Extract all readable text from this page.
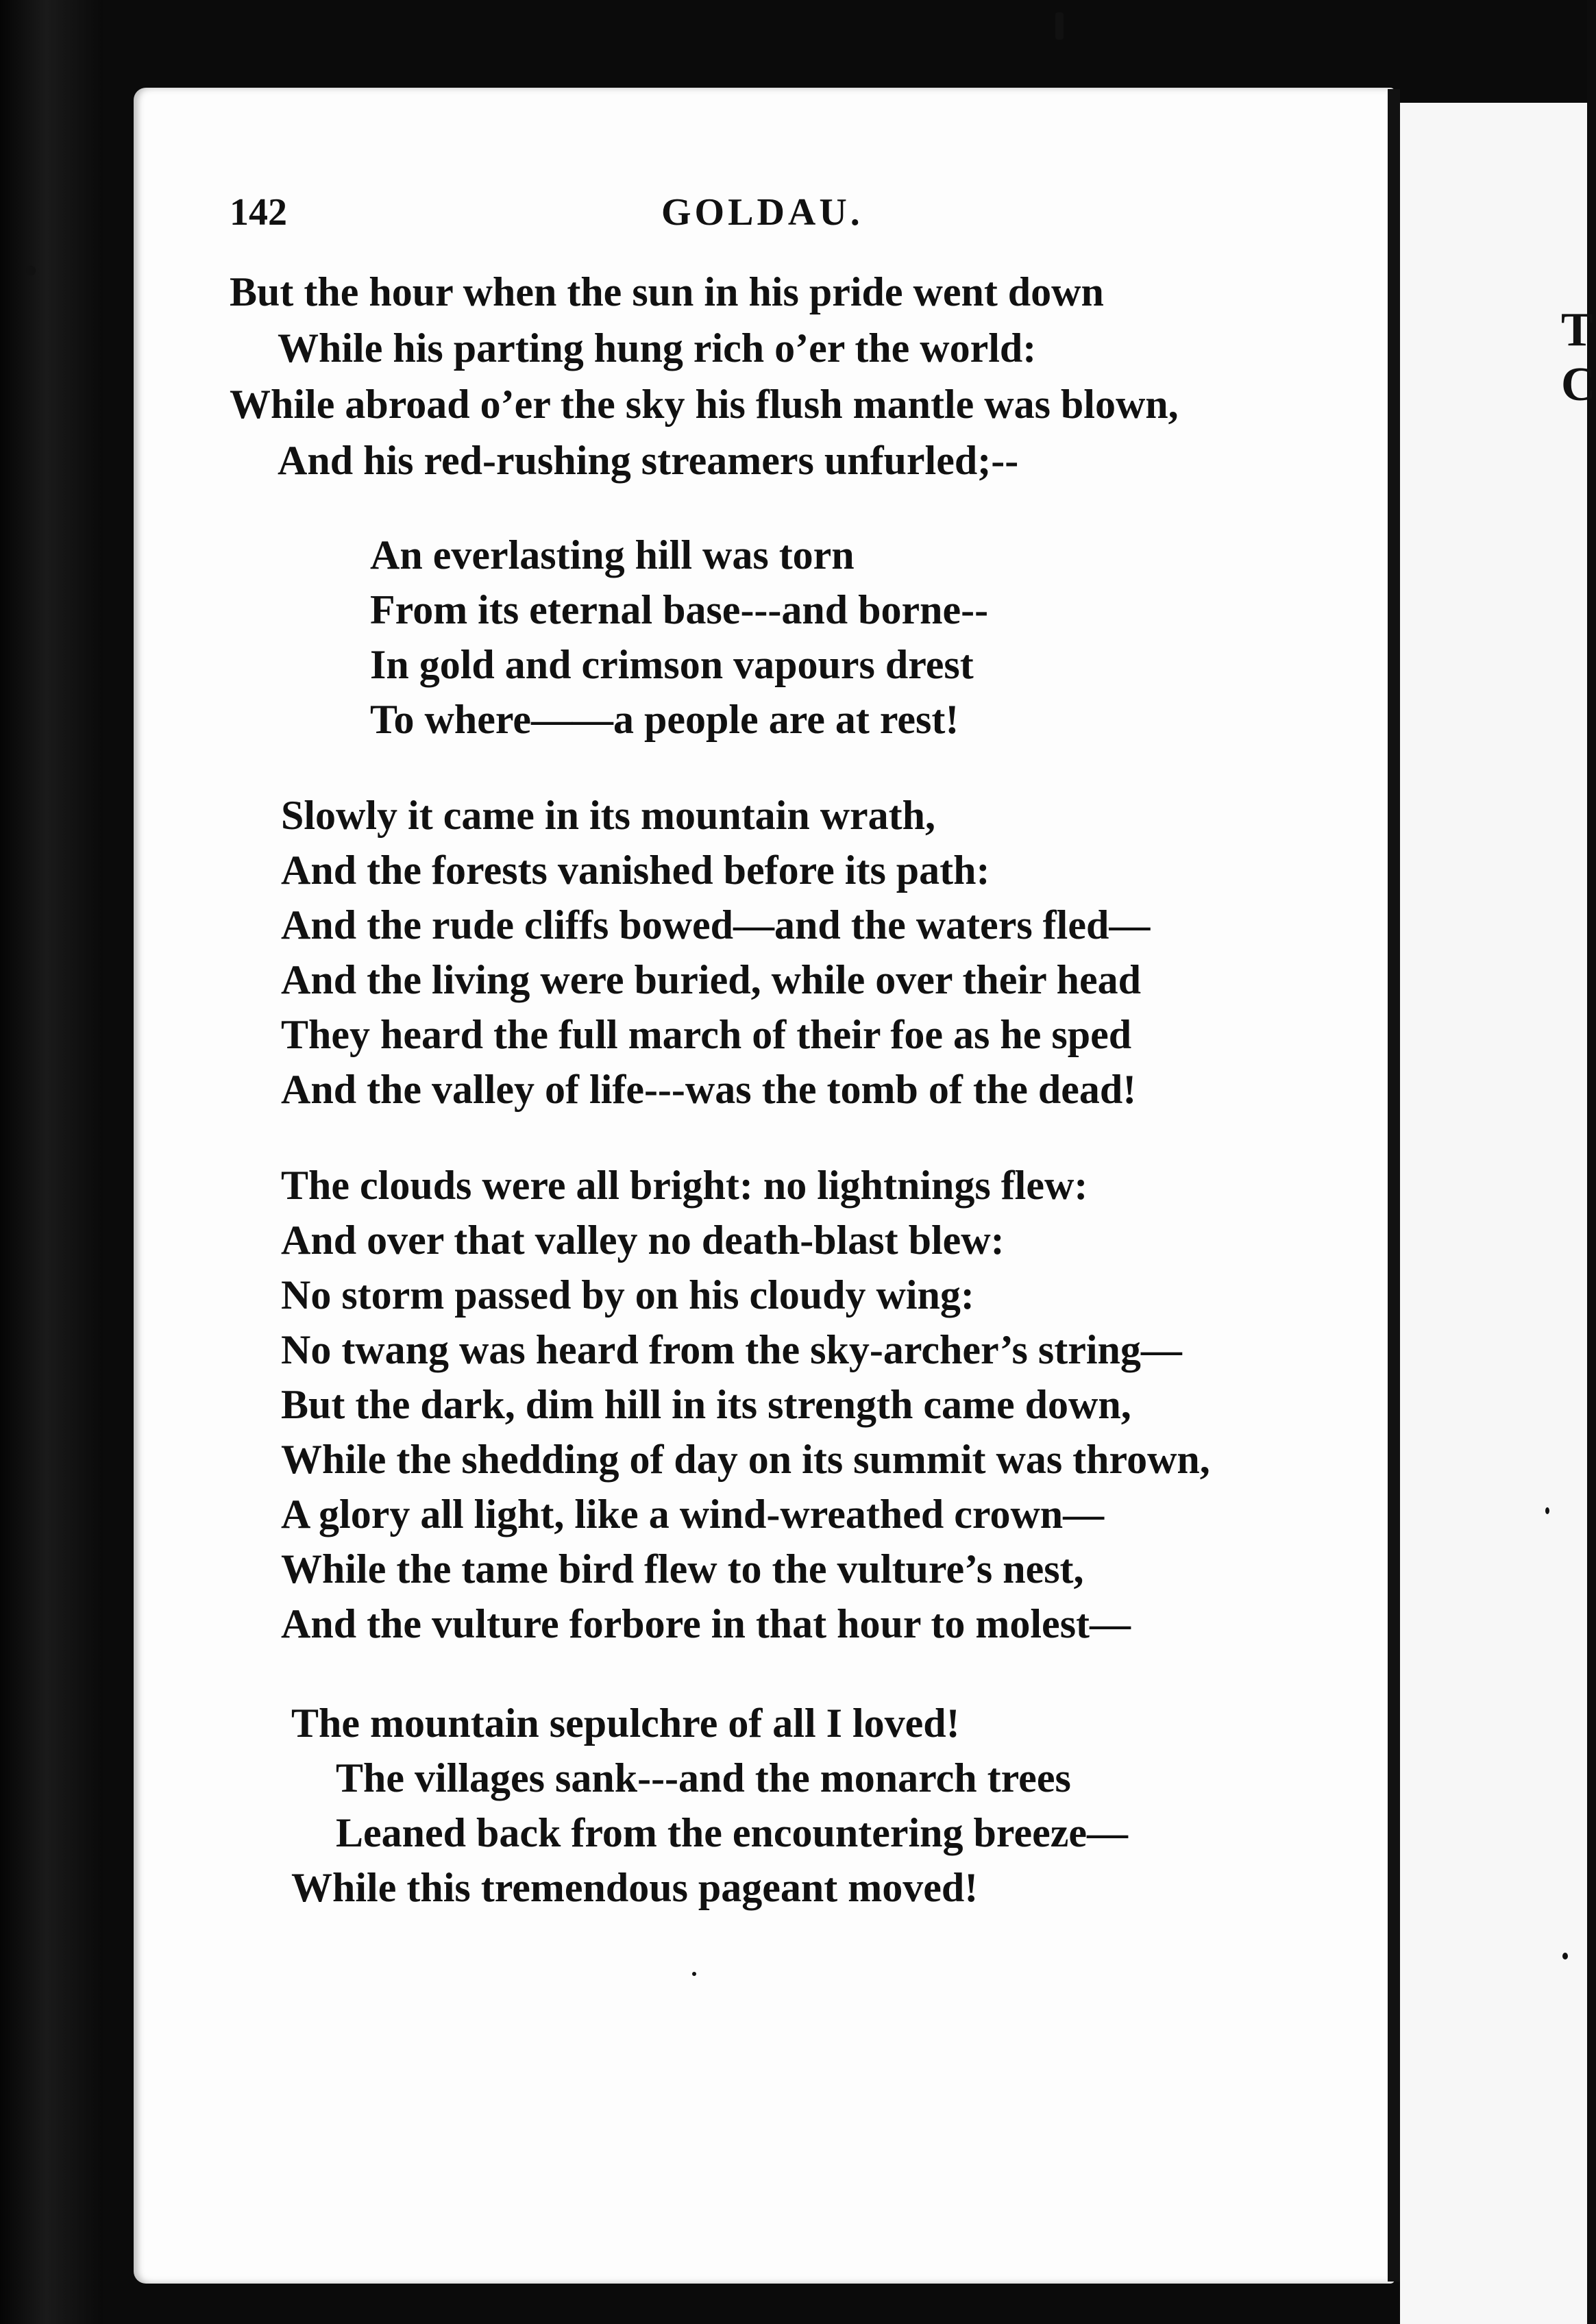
T
C
142	GOLDAU.
But the hour when the sun in his pride went down
While his parting hung rich o’er the world:
While abroad o’er the sky his flush mantle was blown,
And his red-rushing streamers unfurled;--
An everlasting hill was torn
From its eternal base---and borne--
In gold and crimson vapours drest
To where——a people are at rest!
Slowly it came in its mountain wrath,
And the forests vanished before its path:
And the rude cliffs bowed—and the waters fled—
And the living were buried, while over their head
They heard the full march of their foe as he sped
And the valley of life---was the tomb of the dead!
The clouds were all bright: no lightnings flew:
And over that valley no death-blast blew:
No storm passed by on his cloudy wing:
No twang was heard from the sky-archer’s string—
But the dark, dim hill in its strength came down,
While the shedding of day on its summit was thrown,
A glory all light, like a wind-wreathed crown—
While the tame bird flew to the vulture’s nest,
And the vulture forbore in that hour to molest—
The mountain sepulchre of all I loved!
The villages sank---and the monarch trees
Leaned back from the encountering breeze—
While this tremendous pageant moved!
